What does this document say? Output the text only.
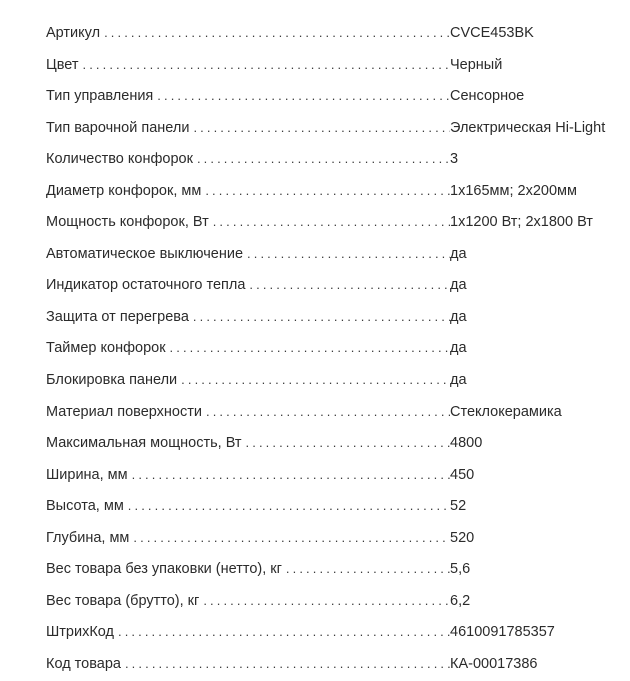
Артикул .....	CVCE453BK
Цвет .....	Черный
Тип управления .....	Сенсорное
Тип варочной панели .....	Электрическая Hi-Light
Количество конфорок .....	3
Диаметр конфорок, мм .....	1x165мм; 2x200мм
Мощность конфорок, Вт .....	1x1200 Вт; 2x1800 Вт
Автоматическое выключение .....	да
Индикатор остаточного тепла .....	да
Защита от перегрева .....	да
Таймер конфорок .....	да
Блокировка панели .....	да
Материал поверхности .....	Стеклокерамика
Максимальная мощность, Вт .....	4800
Ширина, мм .....	450
Высота, мм .....	52
Глубина, мм .....	520
Вес товара без упаковки (нетто), кг .....	5,6
Вес товара (брутто), кг .....	6,2
ШтрихКод .....	4610091785357
Код товара .....	КА-00017386
